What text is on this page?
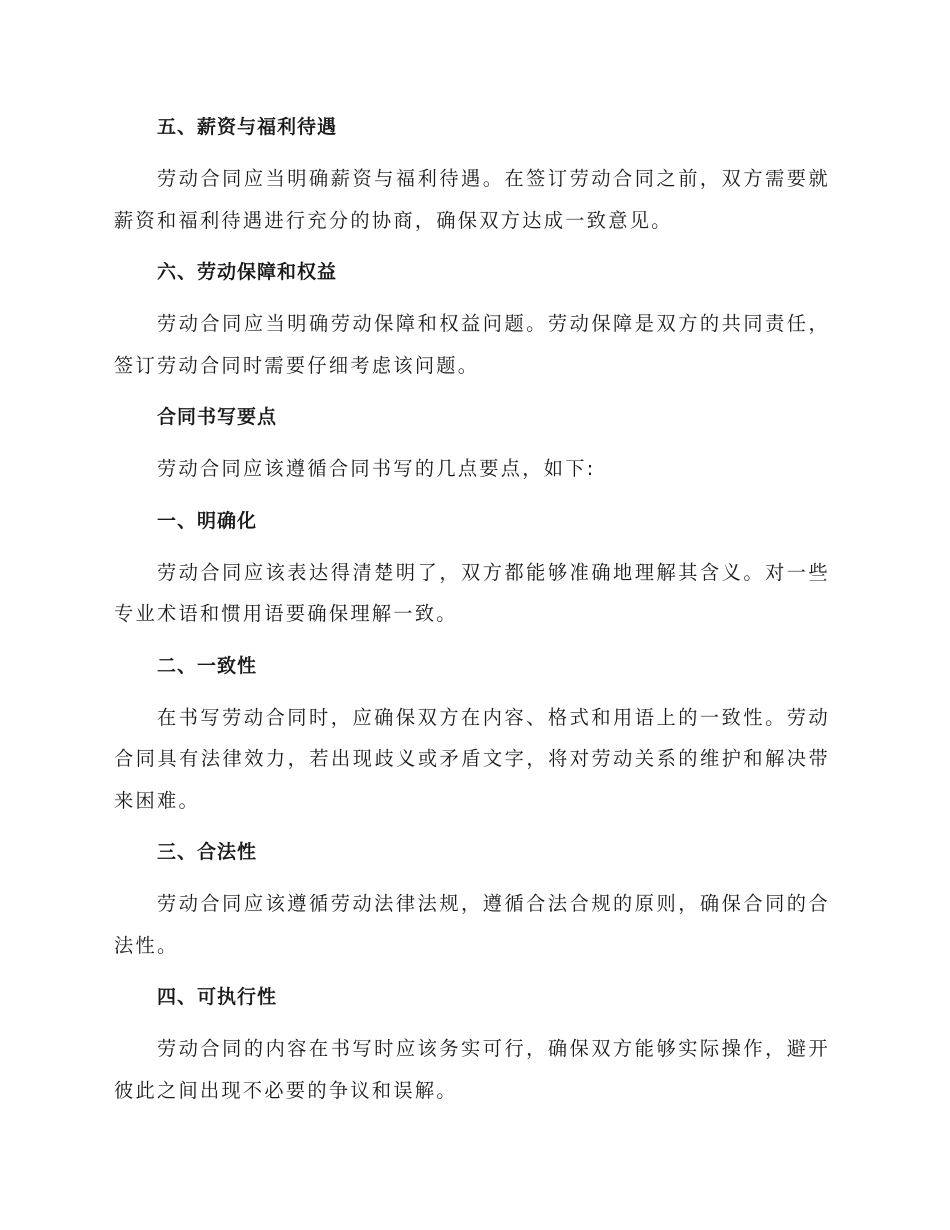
五、薪资与福利待遇

劳动合同应当明确薪资与福利待遇。在签订劳动合同之前，双方需要就薪资和福利待遇进行充分的协商，确保双方达成一致意见。

六、劳动保障和权益

劳动合同应当明确劳动保障和权益问题。劳动保障是双方的共同责任，签订劳动合同时需要仔细考虑该问题。

合同书写要点

劳动合同应该遵循合同书写的几点要点，如下:

一、明确化

劳动合同应该表达得清楚明了，双方都能够准确地理解其含义。对一些专业术语和惯用语要确保理解一致。

二、一致性

在书写劳动合同时，应确保双方在内容、格式和用语上的一致性。劳动合同具有法律效力，若出现歧义或矛盾文字，将对劳动关系的维护和解决带来困难。

三、合法性

劳动合同应该遵循劳动法律法规，遵循合法合规的原则，确保合同的合法性。

四、可执行性

劳动合同的内容在书写时应该务实可行，确保双方能够实际操作，避开彼此之间出现不必要的争议和误解。
